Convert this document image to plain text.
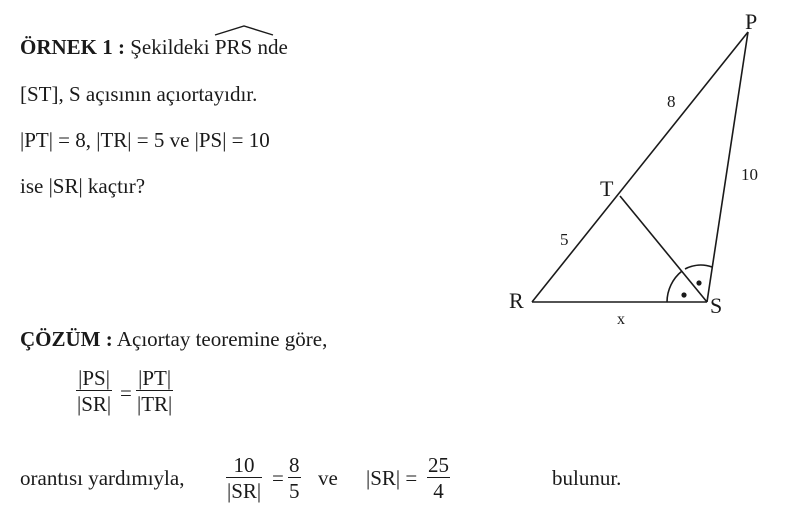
ÖRNEK 1 : Şekildeki PRS nde
[ST], S açısının açıortayıdır.
|PT| = 8, |TR| = 5 ve |PS| = 10
ise |SR| kaçtır?
P
R	S
T
8
5
10
x
ÇÖZÜM : Açıortay teoremine göre,
|PS|
|SR| =
|PT|
|TR|
orantısı yardımıyla,
10
|SR|
=
8
5
ve |SR| =
25
4
bulunur.
